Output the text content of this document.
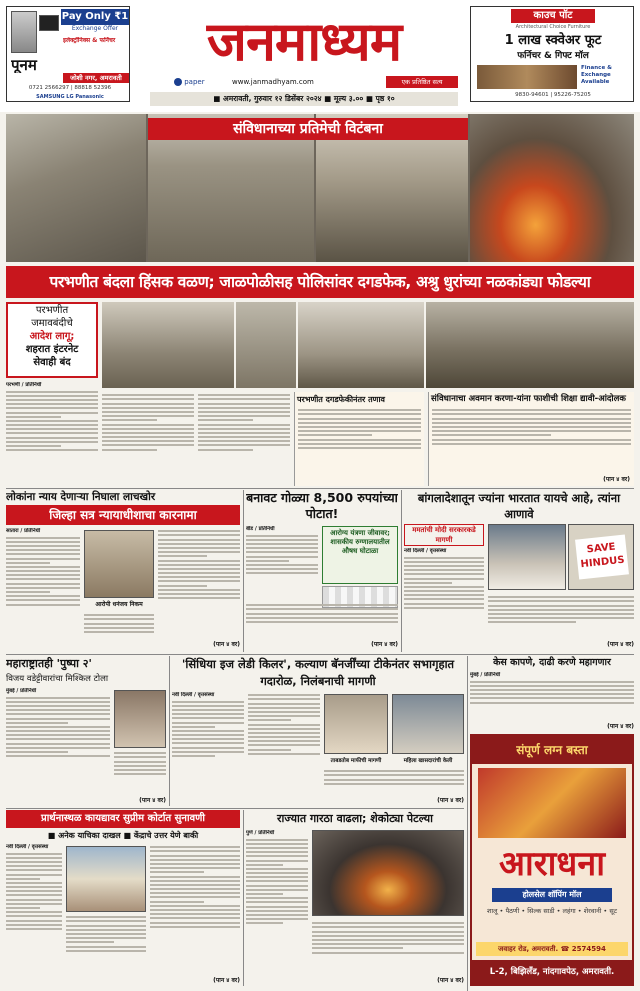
Pay Only ₹1
Exchange Offer
पूनम
इलेक्ट्रॉनिक्स & फर्निचर
जोशी नगर, अमरावती
0721 2566297 | 88818 52396
SAMSUNG LG Panasonic
जनमाध्यम
paper	www.janmadhyam.com	एक प्रतिष्ठित सत्य
■ अमरावती, गुरुवार १२ डिसेंबर २०२४ ■ मूल्य ३.०० ■ पृष्ठ १०
काउच पॉट
Architectural Choice Furniture
1 लाख स्क्वेअर फूट
फर्निचर & गिफ्ट मॉल
Finance & Exchange Available
9830-94601 | 95226-75205
संविधानाच्या प्रतिमेची विटंबना
परभणीत बंदला हिंसक वळण; जाळपोळीसह पोलिसांवर दगडफेक, अश्रु धुरांच्या नळकांड्या फोडल्या
परभणीत
जमावबंदीचे
आदेश लागू;
शहरात इंटरनेट
सेवाही बंद
परभणी / प्रतिनिधी
परभणीत दगडफेकीनंतर तणाव	संविधानाचा अवमान करणा-यांना फाशीची शिक्षा द्यावी-आंदोलक
(पान ४ वर)
लोकांना न्याय देणाऱ्या निघाला लाचखोर
जिल्हा सत्र न्यायाधीशाचा कारनामा
सातारा / प्रतिनिधी
आरोपी धनंजय निकम
(पान ४ वर)
बनावट गोळ्या 8,500 रुपयांच्या पोटात!
बीड / प्रतिनिधी	आरोग्य यंत्रणा जीवावर; शासकीय रुग्णालयातील औषध घोटाळा
(पान ४ वर)
बांगलादेशातून ज्यांना भारतात यायचे आहे, त्यांना आणावे
ममतांची मोदी सरकारकडे मागणी
नवी दिल्ली / वृत्तसंस्था	SAVE HINDUS
(पान ४ वर)
महाराष्ट्रातही 'पुष्पा २'
विजय वडेट्टीवारांचा मिश्किल टोला
मुंबई / प्रतिनिधी
(पान ४ वर)
'सिंधिया इज लेडी किलर', कल्याण बॅनर्जींच्या टीकेनंतर सभागृहात गदारोळ, निलंबनाची मागणी
नवी दिल्ली / वृत्तसंस्था
ताबडतोब माफीची मागणी	महिला खासदारांची केली
(पान ४ वर)
केस कापणे, दाढी करणे महागणार
मुंबई / प्रतिनिधी
(पान ४ वर)
संपूर्ण लग्न बस्ता
आराधना
होलसेल शॉपिंग मॉल
शालू • पैठणी • सिल्क साडी • लहंगा • शेरवानी • सूट
जवाहर रोड, अमरावती. ☎ 2574594
L-2, बिझिलँड, नांदगावपेठ, अमरावती.
प्रार्थनास्थळ कायद्यावर सुप्रीम कोर्टात सुनावणी
■ अनेक याचिका दाखल ■ केंद्राचे उत्तर येणे बाकी
नवी दिल्ली / वृत्तसंस्था
(पान ४ वर)
राज्यात गारठा वाढला; शेकोट्या पेटल्या
पुणे / प्रतिनिधी
(पान ४ वर)
